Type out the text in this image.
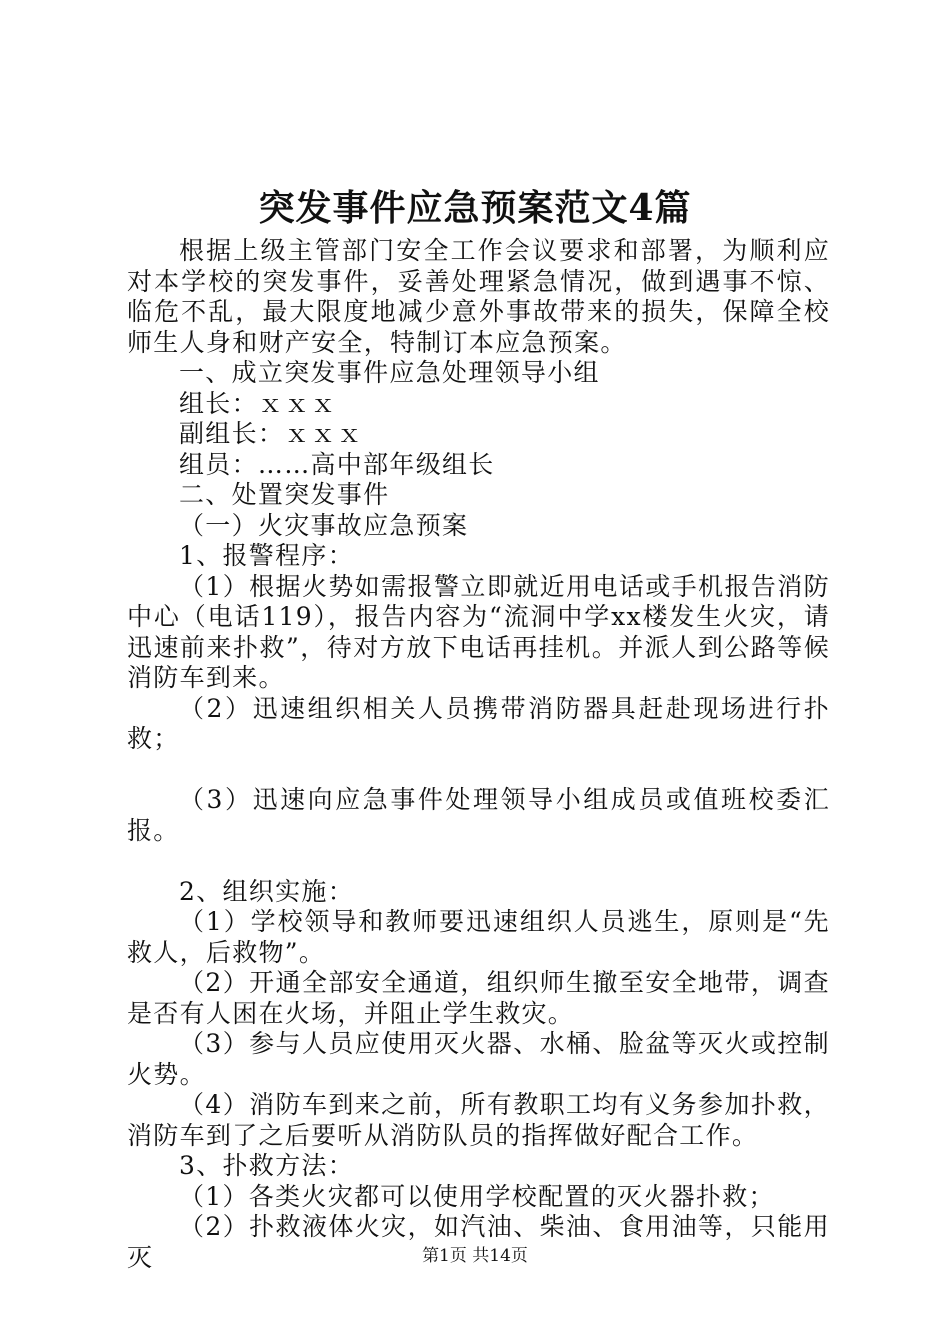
突发事件应急预案范文4篇

根据上级主管部门安全工作会议要求和部署，为顺利应对本学校的突发事件，妥善处理紧急情况，做到遇事不惊、临危不乱，最大限度地减少意外事故带来的损失，保障全校师生人身和财产安全，特制订本应急预案。

一、成立突发事件应急处理领导小组

组长：ｘｘｘ

副组长：ｘｘｘ

组员：……高中部年级组长

二、处置突发事件

（一）火灾事故应急预案

1、报警程序：

（1）根据火势如需报警立即就近用电话或手机报告消防中心（电话119），报告内容为“流洞中学xx楼发生火灾，请迅速前来扑救”，待对方放下电话再挂机。并派人到公路等候消防车到来。

（2）迅速组织相关人员携带消防器具赶赴现场进行扑救；

（3）迅速向应急事件处理领导小组成员或值班校委汇报。

2、组织实施：

（1）学校领导和教师要迅速组织人员逃生，原则是“先救人，后救物”。

（2）开通全部安全通道，组织师生撤至安全地带，调查是否有人困在火场，并阻止学生救灾。

（3）参与人员应使用灭火器、水桶、脸盆等灭火或控制火势。

（4）消防车到来之前，所有教职工均有义务参加扑救，消防车到了之后要听从消防队员的指挥做好配合工作。

3、扑救方法：

（1）各类火灾都可以使用学校配置的灭火器扑救；

（2）扑救液体火灾，如汽油、柴油、食用油等，只能用灭	第1页 共14页
